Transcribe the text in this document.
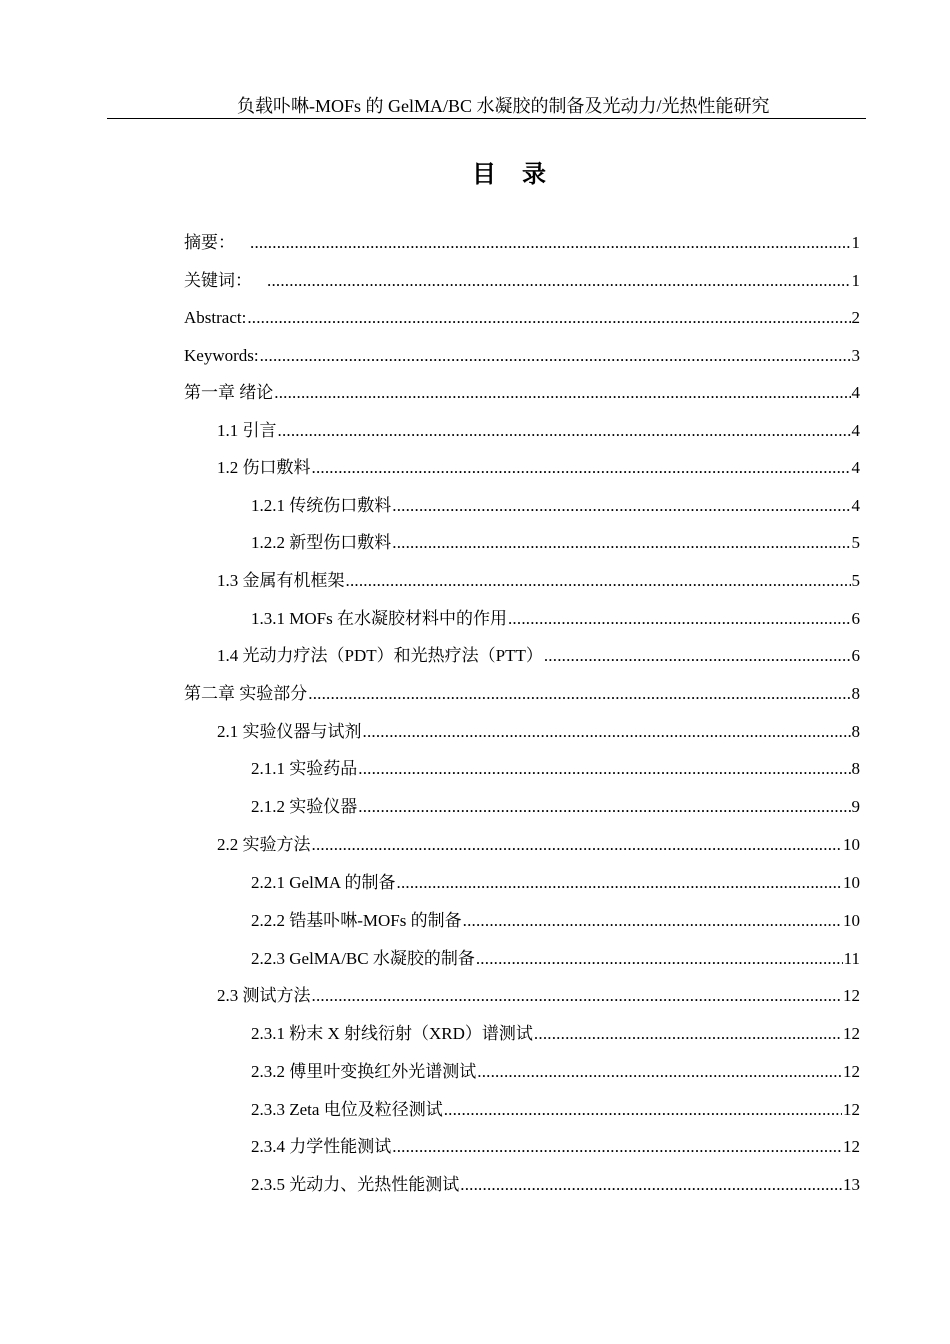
负载卟啉-MOFs 的 GelMA/BC 水凝胶的制备及光动力/光热性能研究
目录
摘要： .....	1
关键词： .....	1
Abstract: .....	2
Keywords: .....	3
第一章 绪论 .....	4
1.1 引言 .....	4
1.2 伤口敷料 .....	4
1.2.1 传统伤口敷料 .....	4
1.2.2 新型伤口敷料 .....	5
1.3 金属有机框架 .....	5
1.3.1 MOFs 在水凝胶材料中的作用 .....	6
1.4 光动力疗法（PDT）和光热疗法（PTT） .....	6
第二章 实验部分 .....	8
2.1 实验仪器与试剂 .....	8
2.1.1 实验药品 .....	8
2.1.2 实验仪器 .....	9
2.2 实验方法 .....	10
2.2.1 GelMA 的制备 .....	10
2.2.2 锆基卟啉-MOFs 的制备 .....	10
2.2.3 GelMA/BC 水凝胶的制备 .....	11
2.3 测试方法 .....	12
2.3.1 粉末 X 射线衍射（XRD）谱测试 .....	12
2.3.2 傅里叶变换红外光谱测试 .....	12
2.3.3 Zeta 电位及粒径测试 .....	12
2.3.4 力学性能测试 .....	12
2.3.5 光动力、光热性能测试 .....	13
